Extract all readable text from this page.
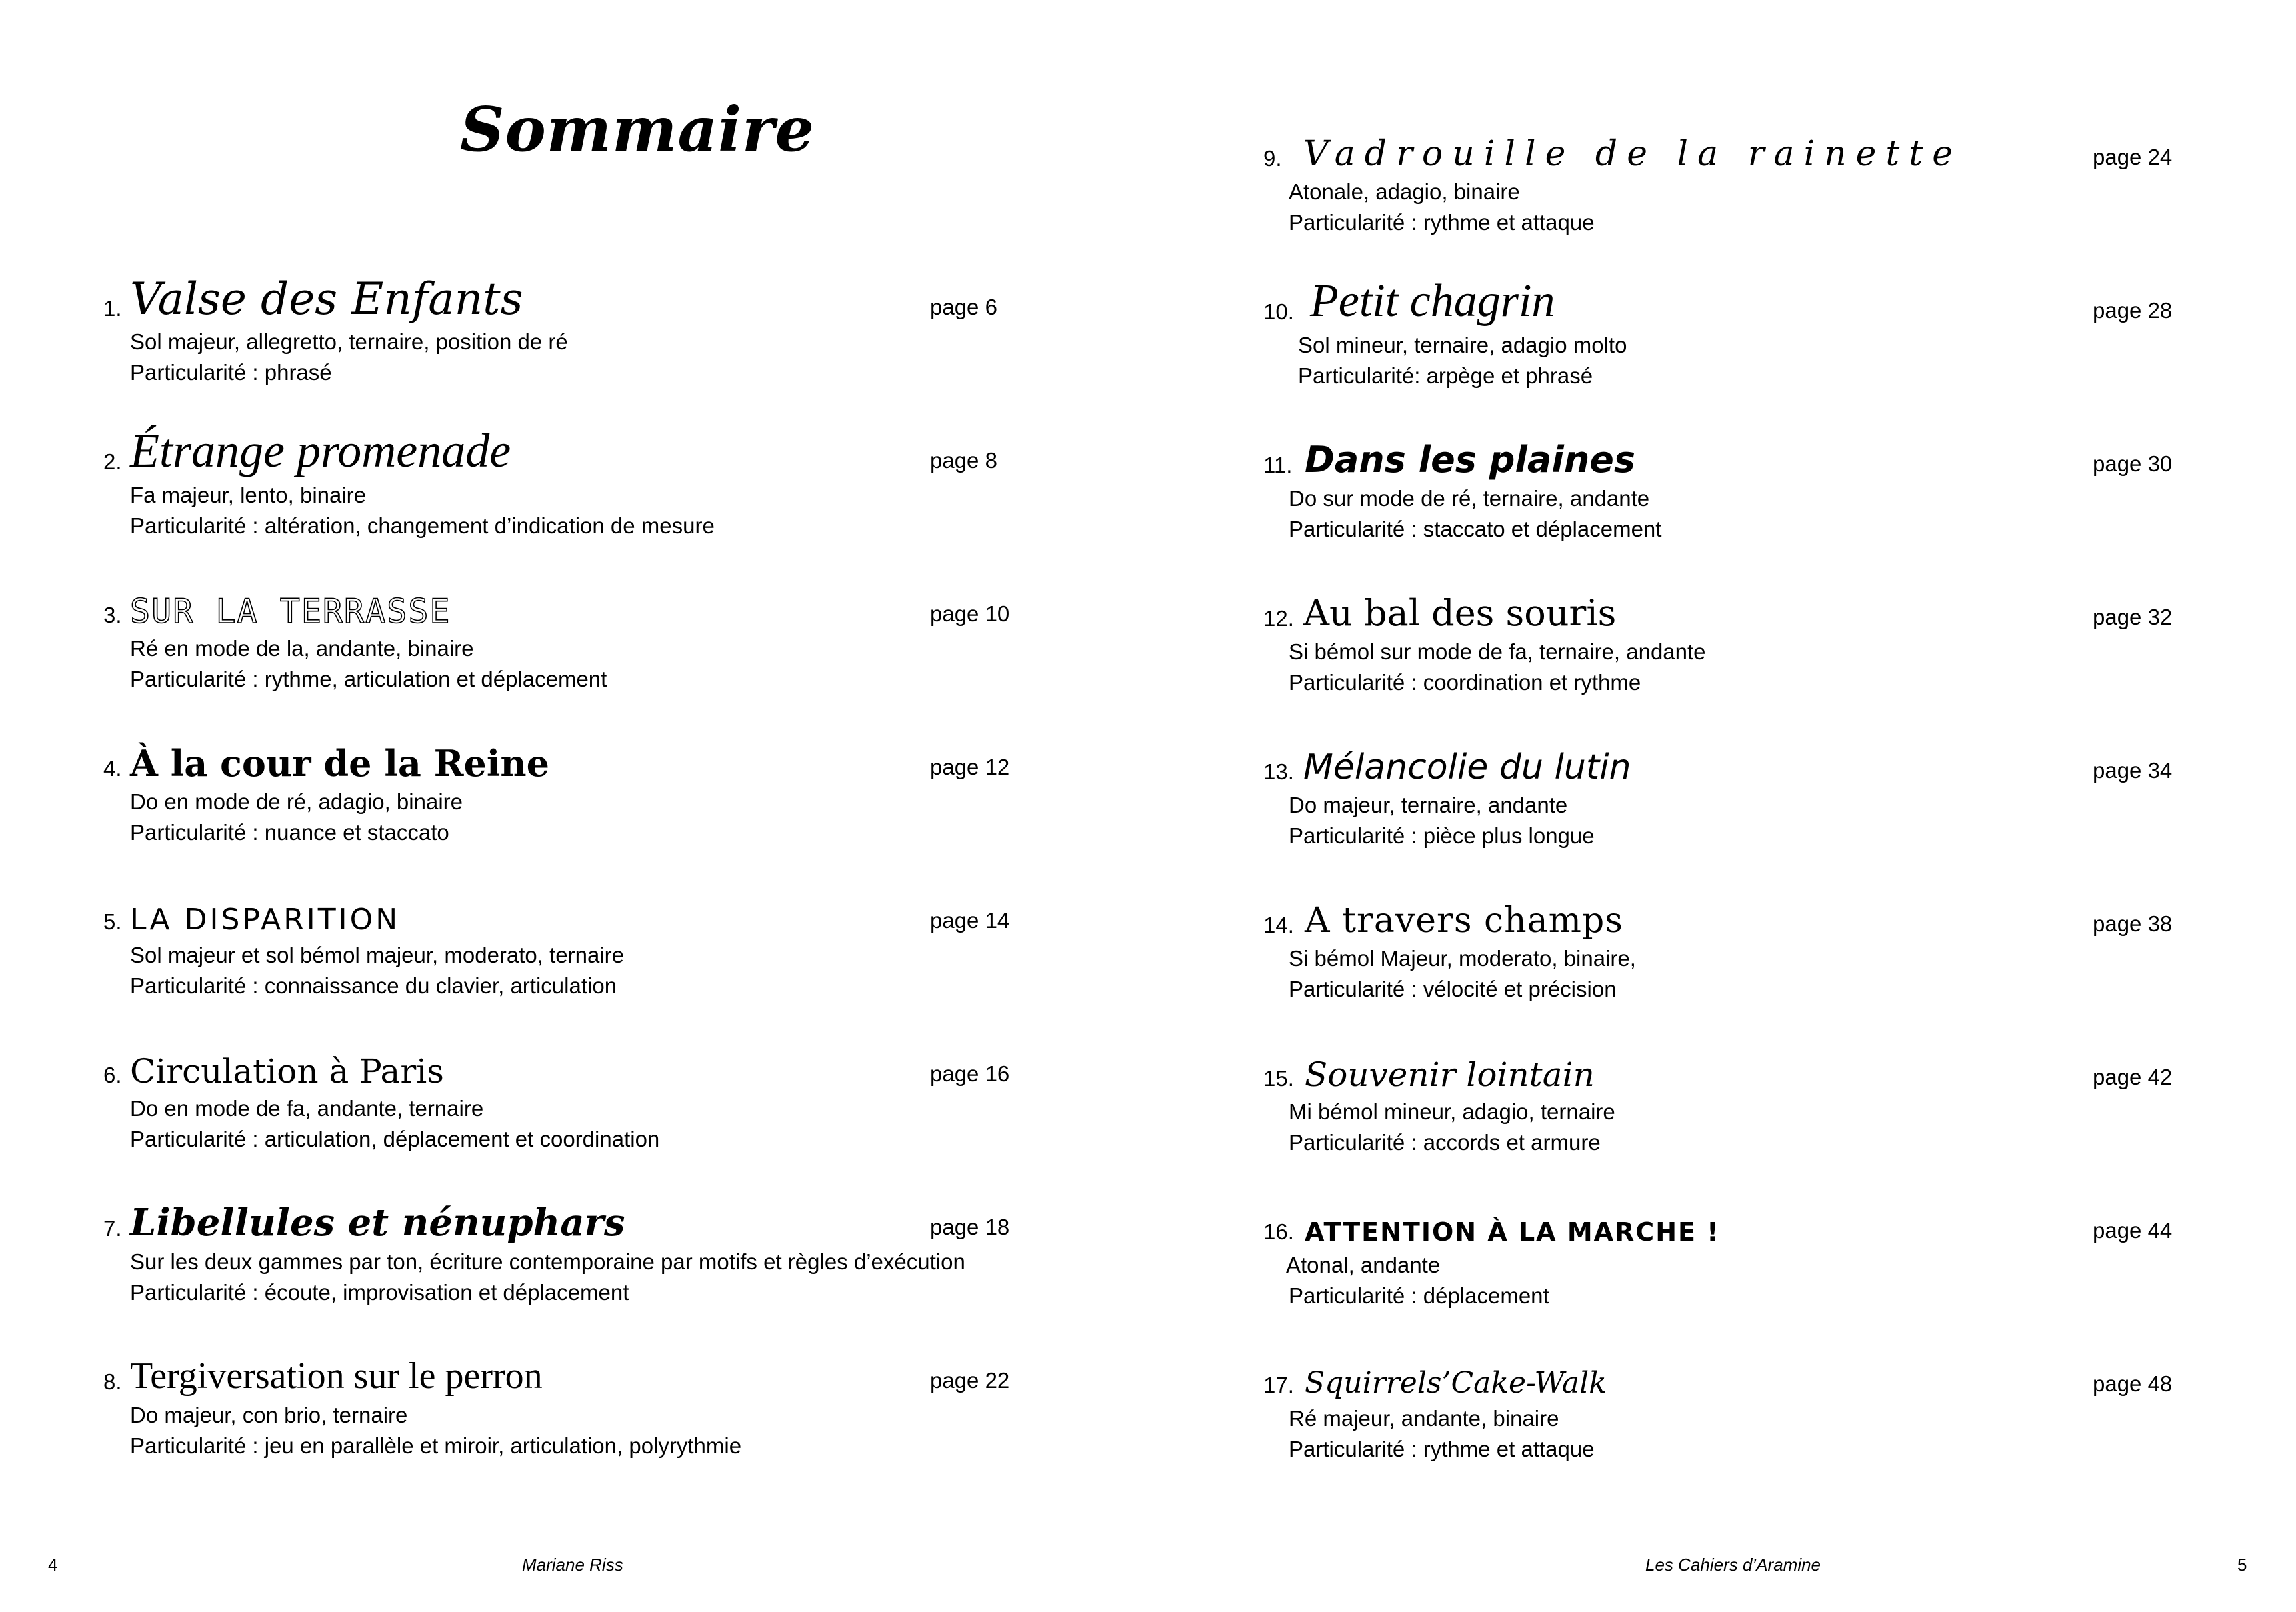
Sommaire
1. Valse des Enfants	page 6
Sol majeur, allegretto, ternaire, position de ré
Particularité : phrasé
2. Étrange promenade	page 8
Fa majeur, lento, binaire
Particularité : altération, changement d’indication de mesure
3. SUR LA TERRASSE	page 10
Ré en mode de la, andante, binaire
Particularité : rythme, articulation et déplacement
4. À la cour de la Reine	page 12
Do en mode de ré, adagio, binaire
Particularité : nuance et staccato
5. LA DISPARITION	page 14
Sol majeur et sol bémol majeur, moderato, ternaire
Particularité : connaissance du clavier, articulation
6. Circulation à Paris	page 16
Do en mode de fa, andante, ternaire
Particularité : articulation, déplacement et coordination
7. Libellules et nénuphars	page 18
Sur les deux gammes par ton, écriture contemporaine par motifs et règles d’exécution
Particularité : écoute, improvisation et déplacement
8. Tergiversation sur le perron	page 22
Do majeur, con brio, ternaire
Particularité : jeu en parallèle et miroir, articulation, polyrythmie
9. Vadrouille de la rainette	page 24
Atonale, adagio, binaire
Particularité : rythme et attaque
10. Petit chagrin	page 28
Sol mineur, ternaire, adagio molto
Particularité: arpège et phrasé
11. Dans les plaines	page 30
Do sur mode de ré, ternaire, andante
Particularité : staccato et déplacement
12. Au bal des souris	page 32
Si bémol sur mode de fa, ternaire, andante
Particularité : coordination et rythme
13. Mélancolie du lutin	page 34
Do majeur, ternaire, andante
Particularité : pièce plus longue
14. A travers champs	page 38
Si bémol Majeur, moderato, binaire,
Particularité : vélocité et précision
15. Souvenir lointain	page 42
Mi bémol mineur, adagio, ternaire
Particularité : accords et armure
16. ATTENTION À LA MARCHE !	page 44
Atonal, andante
Particularité : déplacement
17. Squirrels’Cake-Walk	page 48
Ré majeur, andante, binaire
Particularité : rythme et attaque
4	Mariane Riss	Les Cahiers d’Aramine	5
